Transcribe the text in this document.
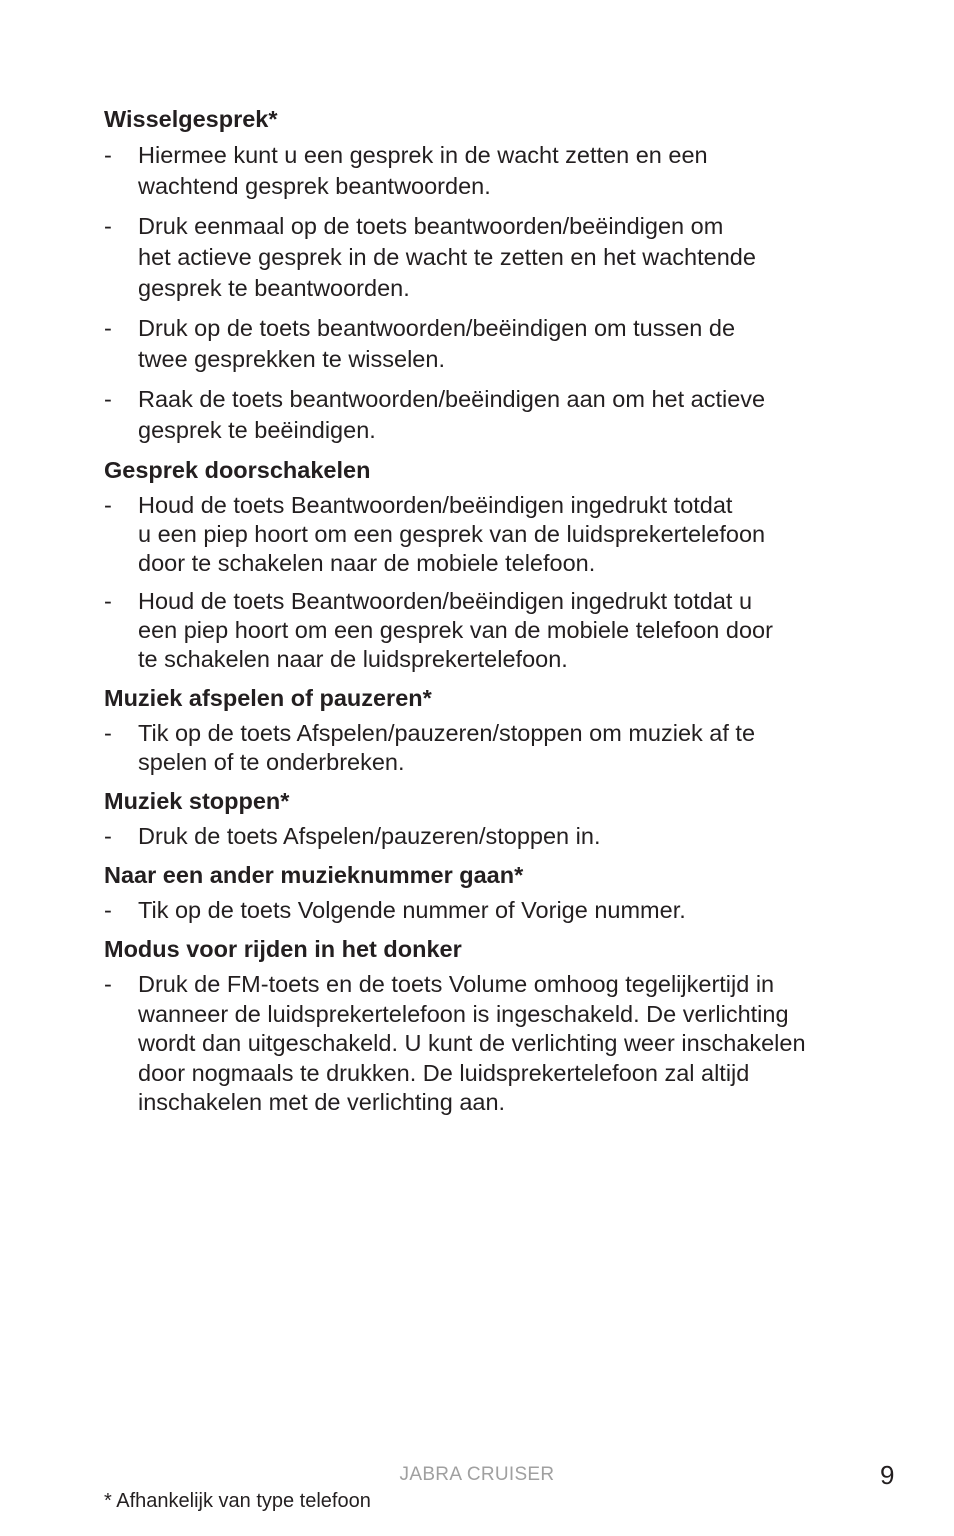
Wisselgesprek*
- Hiermee kunt u een gesprek in de wacht zetten en een
wachtend gesprek beantwoorden.
- Druk eenmaal op de toets beantwoorden/beëindigen om
het actieve gesprek in de wacht te zetten en het wachtende
gesprek te beantwoorden.
- Druk op de toets beantwoorden/beëindigen om tussen de
twee gesprekken te wisselen.
- Raak de toets beantwoorden/beëindigen aan om het actieve
gesprek te beëindigen.
Gesprek doorschakelen
- Houd de toets Beantwoorden/beëindigen ingedrukt totdat
u een piep hoort om een gesprek van de luidsprekertelefoon
door te schakelen naar de mobiele telefoon.
- Houd de toets Beantwoorden/beëindigen ingedrukt totdat u
een piep hoort om een gesprek van de mobiele telefoon door
te schakelen naar de luidsprekertelefoon.
Muziek afspelen of pauzeren*
- Tik op de toets Afspelen/pauzeren/stoppen om muziek af te
spelen of te onderbreken.
Muziek stoppen*
- Druk de toets Afspelen/pauzeren/stoppen in.
Naar een ander muzieknummer gaan*
- Tik op de toets Volgende nummer of Vorige nummer.
Modus voor rijden in het donker
- Druk de FM-toets en de toets Volume omhoog tegelijkertijd in
wanneer de luidsprekertelefoon is ingeschakeld. De verlichting
wordt dan uitgeschakeld. U kunt de verlichting weer inschakelen
door nogmaals te drukken. De luidsprekertelefoon zal altijd
inschakelen met de verlichting aan.
JABRA CRUISER	9
* Afhankelijk van type telefoon
